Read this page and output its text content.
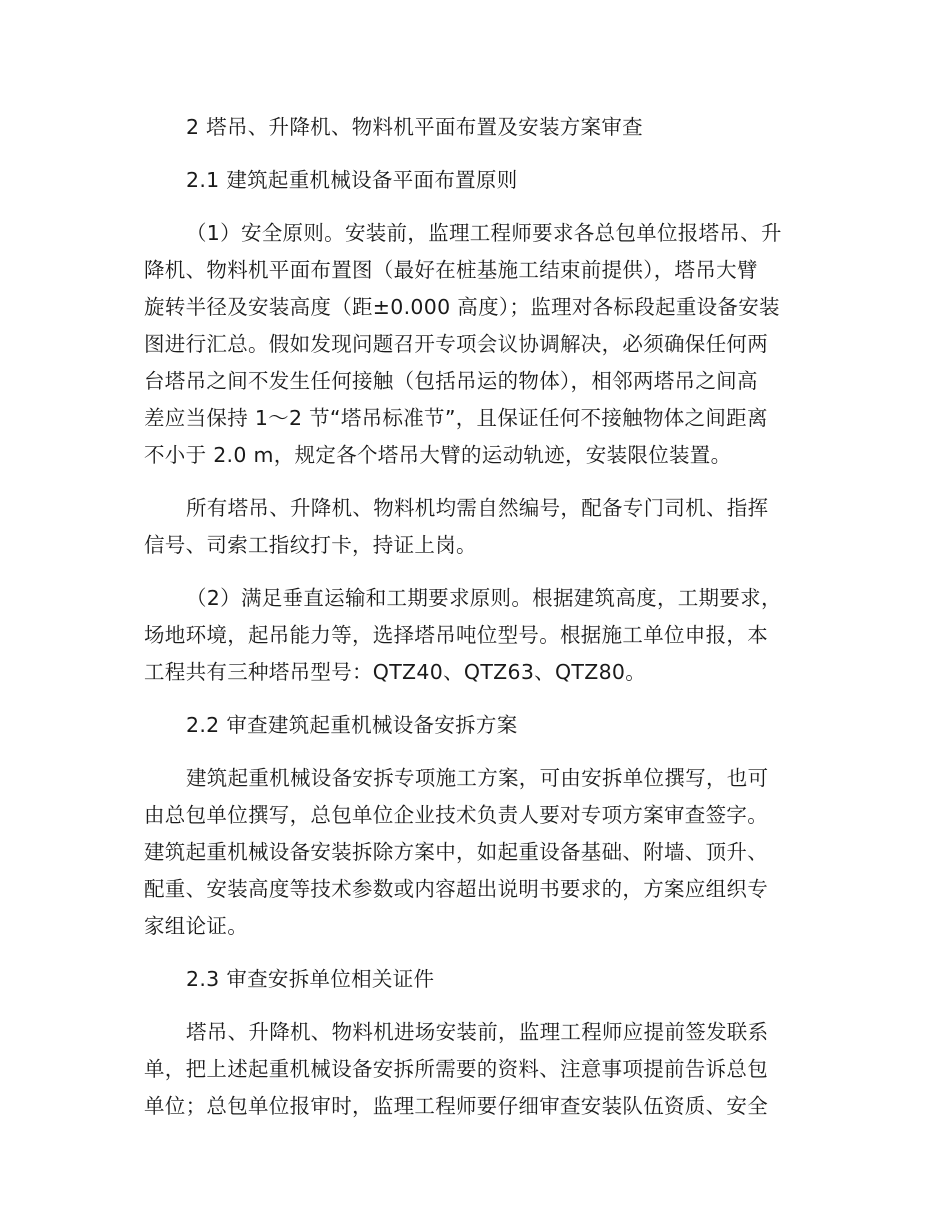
2 塔吊、升降机、物料机平面布置及安装方案审查
2.1 建筑起重机械设备平面布置原则
（1）安全原则。安装前，监理工程师要求各总包单位报塔吊、升
降机、物料机平面布置图（最好在桩基施工结束前提供），塔吊大臂
旋转半径及安装高度（距±0.000 高度）；监理对各标段起重设备安装
图进行汇总。假如发现问题召开专项会议协调解决，必须确保任何两
台塔吊之间不发生任何接触（包括吊运的物体），相邻两塔吊之间高
差应当保持 1～2 节“塔吊标准节”，且保证任何不接触物体之间距离
不小于 2.0 m，规定各个塔吊大臂的运动轨迹，安装限位装置。
所有塔吊、升降机、物料机均需自然编号，配备专门司机、指挥
信号、司索工指纹打卡，持证上岗。
（2）满足垂直运输和工期要求原则。根据建筑高度，工期要求，
场地环境，起吊能力等，选择塔吊吨位型号。根据施工单位申报，本
工程共有三种塔吊型号：QTZ40、QTZ63、QTZ80。
2.2 审查建筑起重机械设备安拆方案
建筑起重机械设备安拆专项施工方案，可由安拆单位撰写，也可
由总包单位撰写，总包单位企业技术负责人要对专项方案审查签字。
建筑起重机械设备安装拆除方案中，如起重设备基础、附墙、顶升、
配重、安装高度等技术参数或内容超出说明书要求的，方案应组织专
家组论证。
2.3 审查安拆单位相关证件
塔吊、升降机、物料机进场安装前，监理工程师应提前签发联系
单，把上述起重机械设备安拆所需要的资料、注意事项提前告诉总包
单位；总包单位报审时，监理工程师要仔细审查安装队伍资质、安全
